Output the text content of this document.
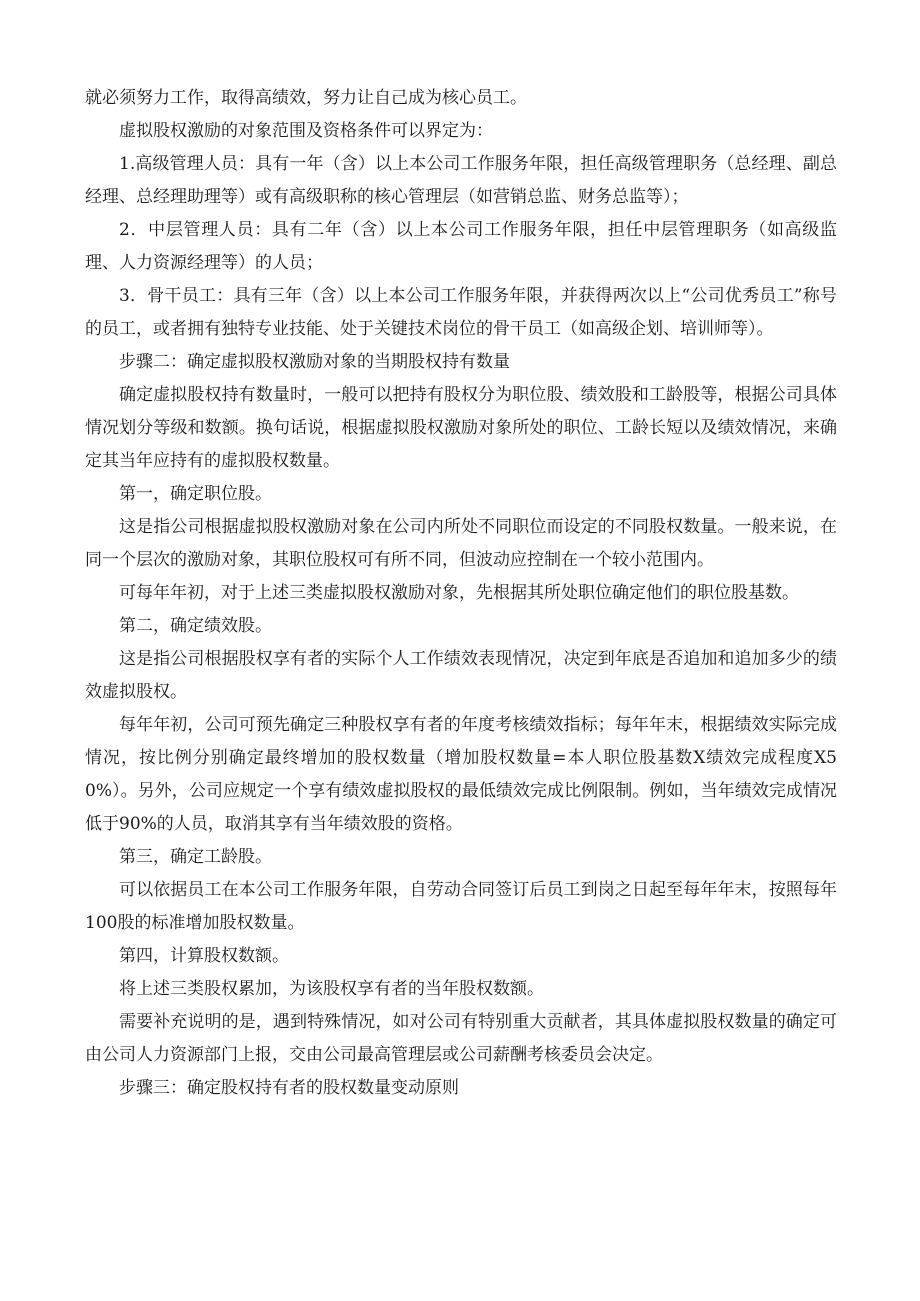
就必须努力工作，取得高绩效，努力让自己成为核心员工。

虚拟股权激励的对象范围及资格条件可以界定为：

1.高级管理人员：具有一年（含）以上本公司工作服务年限，担任高级管理职务（总经理、副总经理、总经理助理等）或有高级职称的核心管理层（如营销总监、财务总监等）；

2．中层管理人员：具有二年（含）以上本公司工作服务年限，担任中层管理职务（如高级监理、人力资源经理等）的人员；

3．骨干员工：具有三年（含）以上本公司工作服务年限，并获得两次以上“公司优秀员工”称号的员工，或者拥有独特专业技能、处于关键技术岗位的骨干员工（如高级企划、培训师等）。

步骤二：确定虚拟股权激励对象的当期股权持有数量

确定虚拟股权持有数量时，一般可以把持有股权分为职位股、绩效股和工龄股等，根据公司具体情况划分等级和数额。换句话说，根据虚拟股权激励对象所处的职位、工龄长短以及绩效情况，来确定其当年应持有的虚拟股权数量。

第一，确定职位股。

这是指公司根据虚拟股权激励对象在公司内所处不同职位而设定的不同股权数量。一般来说，在同一个层次的激励对象，其职位股权可有所不同，但波动应控制在一个较小范围内。

可每年年初，对于上述三类虚拟股权激励对象，先根据其所处职位确定他们的职位股基数。

第二，确定绩效股。

这是指公司根据股权享有者的实际个人工作绩效表现情况，决定到年底是否追加和追加多少的绩效虚拟股权。

每年年初，公司可预先确定三种股权享有者的年度考核绩效指标；每年年末，根据绩效实际完成情况，按比例分别确定最终增加的股权数量（增加股权数量=本人职位股基数X绩效完成程度X50%）。另外，公司应规定一个享有绩效虚拟股权的最低绩效完成比例限制。例如，当年绩效完成情况低于90%的人员，取消其享有当年绩效股的资格。

第三，确定工龄股。

可以依据员工在本公司工作服务年限，自劳动合同签订后员工到岗之日起至每年年末，按照每年100股的标准增加股权数量。

第四，计算股权数额。

将上述三类股权累加，为该股权享有者的当年股权数额。

需要补充说明的是，遇到特殊情况，如对公司有特别重大贡献者，其具体虚拟股权数量的确定可由公司人力资源部门上报，交由公司最高管理层或公司薪酬考核委员会决定。

步骤三：确定股权持有者的股权数量变动原则
